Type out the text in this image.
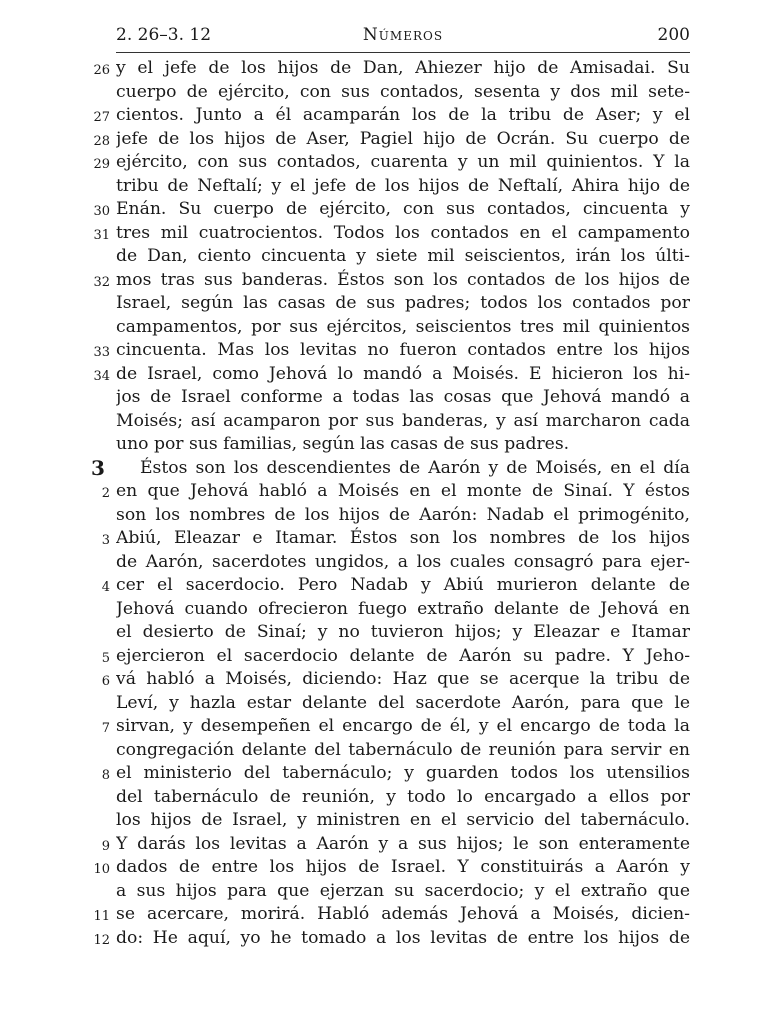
2. 26–3. 12	Números	200
26 y el jefe de los hijos de Dan, Ahiezer hijo de Amisadai. Su
cuerpo de ejército, con sus contados, sesenta y dos mil sete-
27 cientos. Junto a él acamparán los de la tribu de Aser; y el
28 jefe de los hijos de Aser, Pagiel hijo de Ocrán. Su cuerpo de
29 ejército, con sus contados, cuarenta y un mil quinientos. Y la
tribu de Neftalí; y el jefe de los hijos de Neftalí, Ahira hijo de
30 Enán. Su cuerpo de ejército, con sus contados, cincuenta y
31 tres mil cuatrocientos. Todos los contados en el campamento
de Dan, ciento cincuenta y siete mil seiscientos, irán los últi-
32 mos tras sus banderas. Éstos son los contados de los hijos de
Israel, según las casas de sus padres; todos los contados por
campamentos, por sus ejércitos, seiscientos tres mil quinientos
33 cincuenta. Mas los levitas no fueron contados entre los hijos
34 de Israel, como Jehová lo mandó a Moisés. E hicieron los hi-
jos de Israel conforme a todas las cosas que Jehová mandó a
Moisés; así acamparon por sus banderas, y así marcharon cada
uno por sus familias, según las casas de sus padres.
3	Éstos son los descendientes de Aarón y de Moisés, en el día
2 en que Jehová habló a Moisés en el monte de Sinaí. Y éstos
son los nombres de los hijos de Aarón: Nadab el primogénito,
3 Abiú, Eleazar e Itamar. Éstos son los nombres de los hijos
de Aarón, sacerdotes ungidos, a los cuales consagró para ejer-
4 cer el sacerdocio. Pero Nadab y Abiú murieron delante de
Jehová cuando ofrecieron fuego extraño delante de Jehová en
el desierto de Sinaí; y no tuvieron hijos; y Eleazar e Itamar
5 ejercieron el sacerdocio delante de Aarón su padre. Y Jeho-
6 vá habló a Moisés, diciendo: Haz que se acerque la tribu de
Leví, y hazla estar delante del sacerdote Aarón, para que le
7 sirvan, y desempeñen el encargo de él, y el encargo de toda la
congregación delante del tabernáculo de reunión para servir en
8 el ministerio del tabernáculo; y guarden todos los utensilios
del tabernáculo de reunión, y todo lo encargado a ellos por
los hijos de Israel, y ministren en el servicio del tabernáculo.
9 Y darás los levitas a Aarón y a sus hijos; le son enteramente
10 dados de entre los hijos de Israel. Y constituirás a Aarón y
a sus hijos para que ejerzan su sacerdocio; y el extraño que
11 se acercare, morirá. Habló además Jehová a Moisés, dicien-
12 do: He aquí, yo he tomado a los levitas de entre los hijos de
